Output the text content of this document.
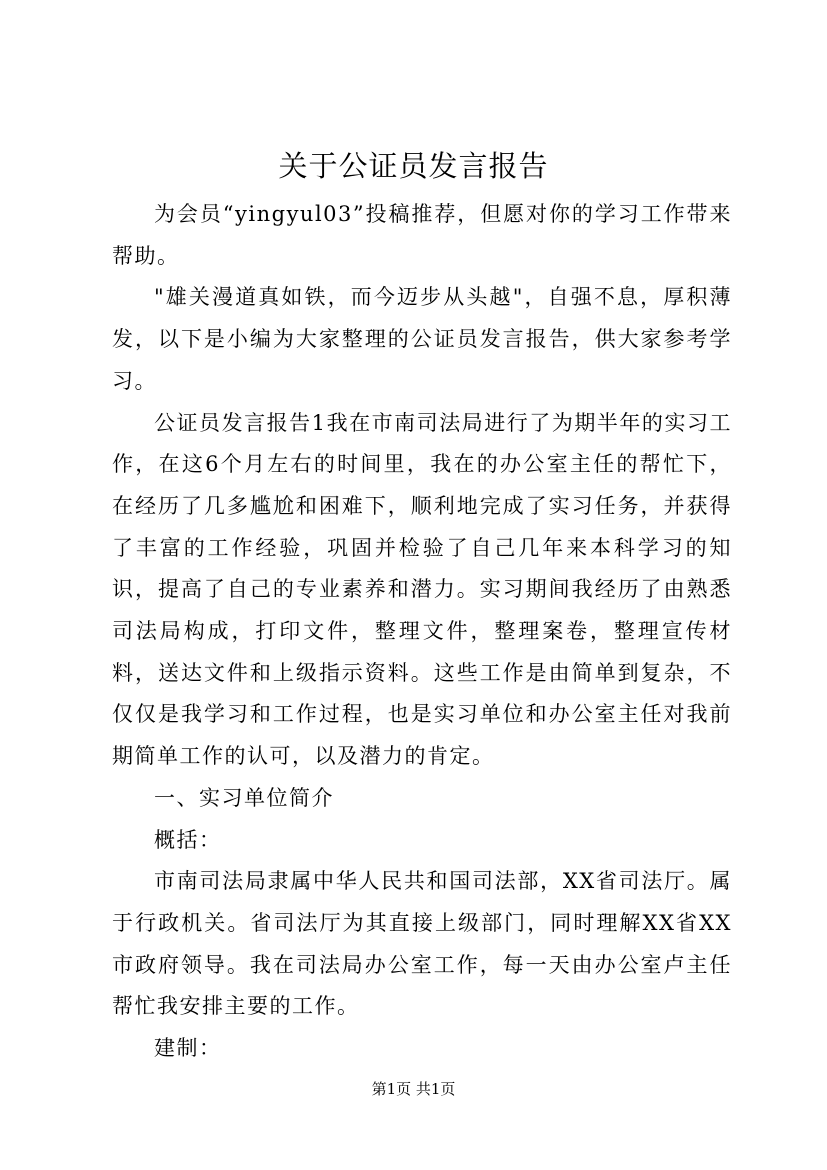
关于公证员发言报告

为会员“yingyul03”投稿推荐，但愿对你的学习工作带来帮助。

"雄关漫道真如铁，而今迈步从头越"，自强不息，厚积薄发，以下是小编为大家整理的公证员发言报告，供大家参考学习。

公证员发言报告1我在市南司法局进行了为期半年的实习工作，在这6个月左右的时间里，我在的办公室主任的帮忙下，在经历了几多尴尬和困难下，顺利地完成了实习任务，并获得了丰富的工作经验，巩固并检验了自己几年来本科学习的知识，提高了自己的专业素养和潜力。实习期间我经历了由熟悉司法局构成，打印文件，整理文件，整理案卷，整理宣传材料，送达文件和上级指示资料。这些工作是由简单到复杂，不仅仅是我学习和工作过程，也是实习单位和办公室主任对我前期简单工作的认可，以及潜力的肯定。

一、实习单位简介

概括：

市南司法局隶属中华人民共和国司法部，XX省司法厅。属于行政机关。省司法厅为其直接上级部门，同时理解XX省XX市政府领导。我在司法局办公室工作，每一天由办公室卢主任帮忙我安排主要的工作。

建制：

第1页 共1页
